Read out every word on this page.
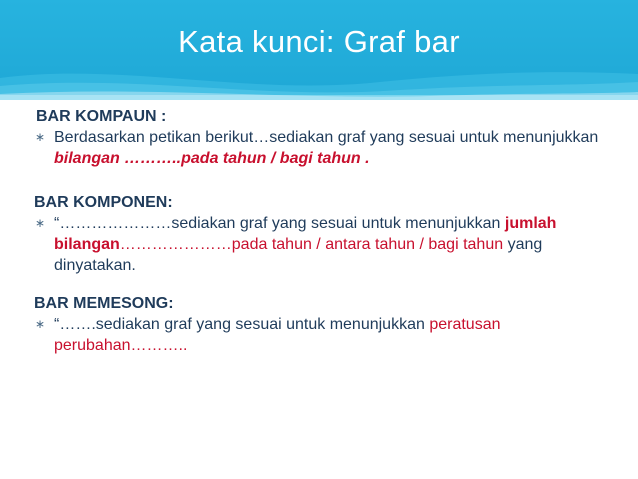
Kata kunci: Graf bar
BAR KOMPAUN :
∗ Berdasarkan petikan berikut…sediakan graf yang sesuai untuk menunjukkan bilangan ………..pada tahun / bagi tahun .
BAR KOMPONEN:
∗ “…………………sediakan graf yang sesuai untuk menunjukkan jumlah bilangan…………………pada tahun / antara tahun / bagi tahun yang dinyatakan.
BAR MEMESONG:
∗ “…….sediakan graf yang sesuai untuk menunjukkan peratusan perubahan………..
